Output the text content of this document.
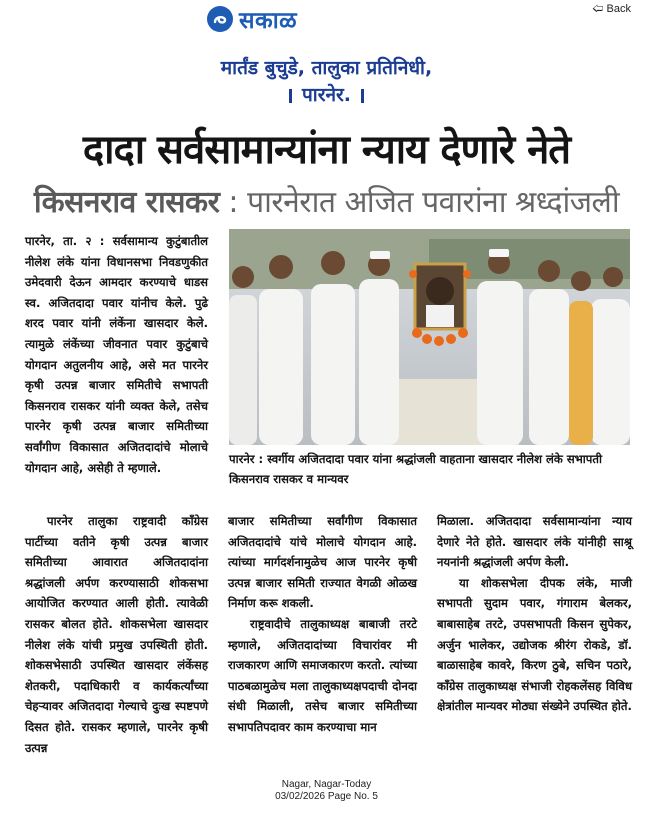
🢠 Back
सकाळ
मार्तंड बुचुडे, तालुका प्रतिनिधी,
पारनेर.
दादा सर्वसामान्यांना न्याय देणारे नेते
किसनराव रासकर : पारनेरात अजित पवारांना श्रध्दांजली

पारनेर, ता. २ : सर्वसामान्य कुटुंबातील नीलेश लंके यांना विधानसभा निवडणुकीत उमेदवारी देऊन आमदार करण्याचे धाडस स्व. अजितदादा पवार यांनीच केले. पुढे शरद पवार यांनी लंकेंना खासदार केले. त्यामुळे लंकेंच्या जीवनात पवार कुटुंबाचे योगदान अतुलनीय आहे, असे मत पारनेर कृषी उत्पन्न बाजार समितीचे सभापती किसनराव रासकर यांनी व्यक्त केले, तसेच पारनेर कृषी उत्पन्न बाजार समितीच्या सर्वांगीण विकासात अजितदादांचे मोलाचे योगदान आहे, असेही ते म्हणाले.

पारनेर : स्वर्गीय अजितदादा पवार यांना श्रद्धांजली वाहताना खासदार नीलेश लंके सभापती किसनराव रासकर व मान्यवर

पारनेर तालुका राष्ट्रवादी काँग्रेस पार्टीच्या वतीने कृषी उत्पन्न बाजार समितीच्या आवारात अजितदादांना श्रद्धांजली अर्पण करण्यासाठी शोकसभा आयोजित करण्यात आली होती. त्यावेळी रासकर बोलत होते. शोकसभेला खासदार नीलेश लंके यांची प्रमुख उपस्थिती होती. शोकसभेसाठी उपस्थित खासदार लंकेंसह शेतकरी, पदाधिकारी व कार्यकर्त्यांच्या चेहऱ्यावर अजितदादा गेल्याचे दुःख स्पष्टपणे दिसत होते. रासकर म्हणाले, पारनेर कृषी उत्पन्न

बाजार समितीच्या सर्वांगीण विकासात अजितदादांचे यांचे मोलाचे योगदान आहे. त्यांच्या मार्गदर्शनामुळेच आज पारनेर कृषी उत्पन्न बाजार समिती राज्यात वेगळी ओळख निर्माण करू शकली.

राष्ट्रवादीचे तालुकाध्यक्ष बाबाजी तरटे म्हणाले, अजितदादांच्या विचारांवर मी राजकारण आणि समाजकारण करतो. त्यांच्या पाठबळामुळेच मला तालुकाध्यक्षपदाची दोनदा संधी मिळाली, तसेच बाजार समितीच्या सभापतिपदावर काम करण्याचा मान

मिळाला. अजितदादा सर्वसामान्यांना न्याय देणारे नेते होते. खासदार लंके यांनीही साश्रू नयनांनी श्रद्धांजली अर्पण केली.

या शोकसभेला दीपक लंके, माजी सभापती सुदाम पवार, गंगाराम बेलकर, बाबासाहेब तरटे, उपसभापती किसन सुपेकर, अर्जुन भालेकर, उद्योजक श्रीरंग रोकडे, डॉ. बाळासाहेब कावरे, किरण ठुबे, सचिन पठारे, काँग्रेस तालुकाध्यक्ष संभाजी रोहकलेंसह विविध क्षेत्रांतील मान्यवर मोठ्या संख्येने उपस्थित होते.

Nagar, Nagar-Today
03/02/2026 Page No. 5
